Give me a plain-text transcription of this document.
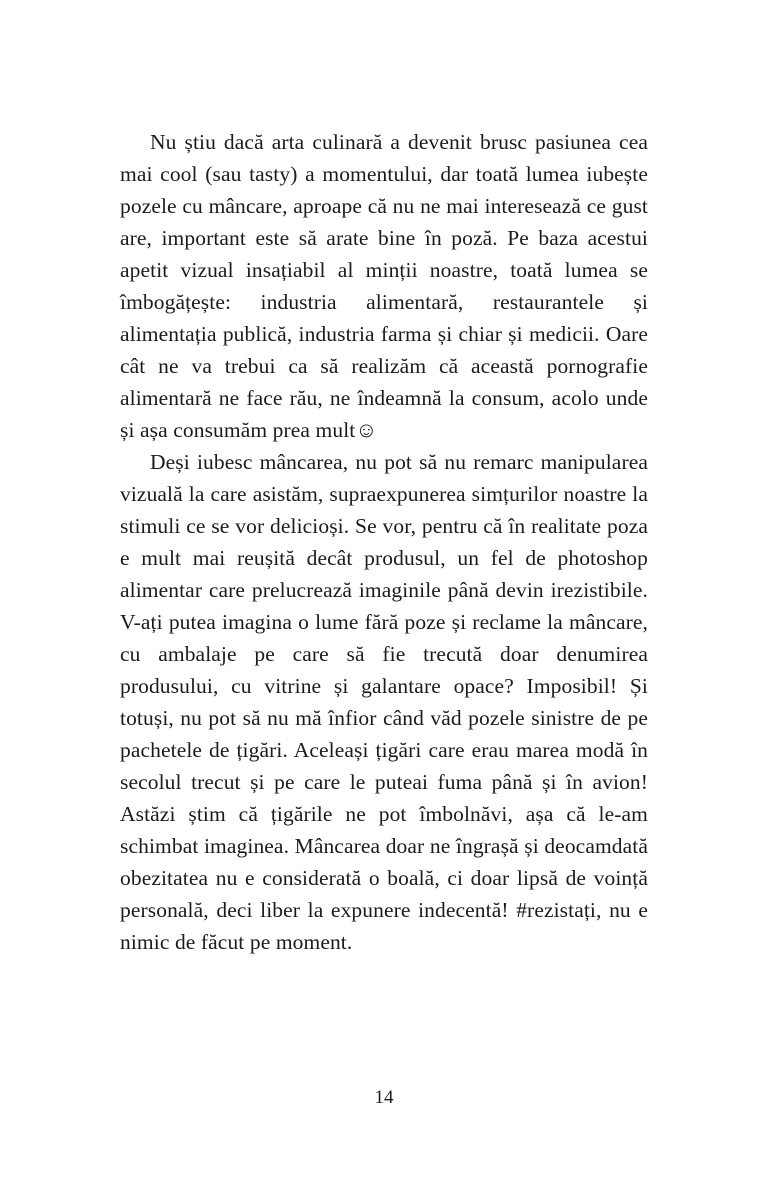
Nu știu dacă arta culinară a devenit brusc pasiunea cea mai cool (sau tasty) a momentului, dar toată lumea iubește pozele cu mâncare, aproape că nu ne mai interesează ce gust are, important este să arate bine în poză. Pe baza acestui apetit vizual insațiabil al minții noastre, toată lumea se îmbogățește: industria alimentară, restaurantele și alimentația publică, industria farma și chiar și medicii. Oare cât ne va trebui ca să realizăm că această pornografie alimentară ne face rău, ne îndeamnă la consum, acolo unde și așa consumăm prea mult☺

Deși iubesc mâncarea, nu pot să nu remarc manipularea vizuală la care asistăm, supraexpunerea simțurilor noastre la stimuli ce se vor delicioși. Se vor, pentru că în realitate poza e mult mai reușită decât produsul, un fel de photoshop alimentar care prelucrează imaginile până devin irezistibile. V-ați putea imagina o lume fără poze și reclame la mâncare, cu ambalaje pe care să fie trecută doar denumirea produsului, cu vitrine și galantare opace? Imposibil! Și totuși, nu pot să nu mă înfior când văd pozele sinistre de pe pachetele de țigări. Aceleași țigări care erau marea modă în secolul trecut și pe care le puteai fuma până și în avion! Astăzi știm că țigările ne pot îmbolnăvi, așa că le-am schimbat imaginea. Mâncarea doar ne îngrașă și deocamdată obezitatea nu e considerată o boală, ci doar lipsă de voință personală, deci liber la expunere indecentă! #rezistați, nu e nimic de făcut pe moment.

14
